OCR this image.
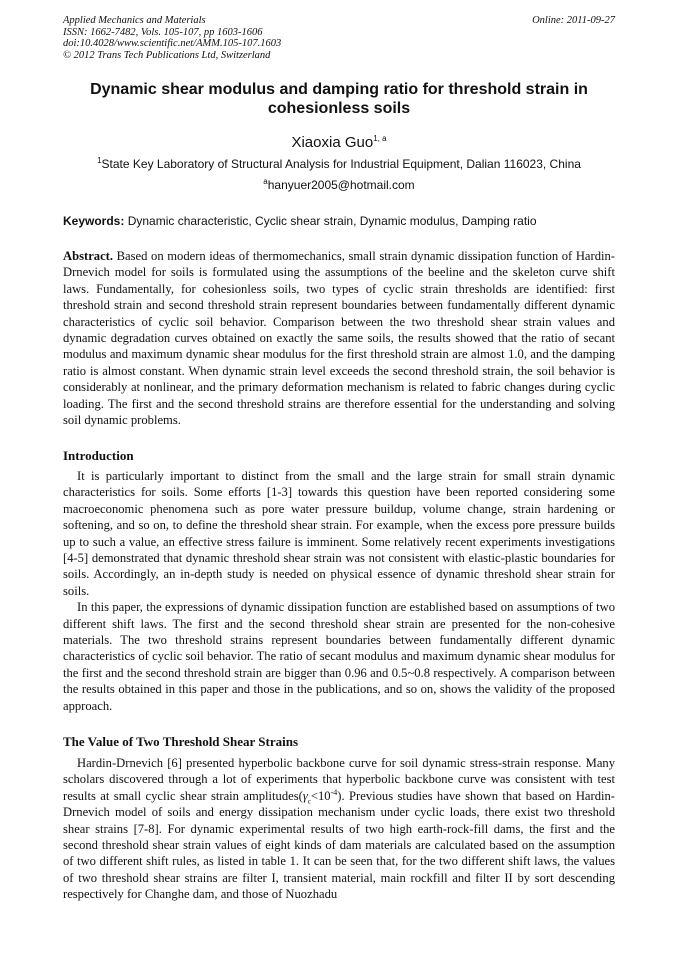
Applied Mechanics and Materials
ISSN: 1662-7482, Vols. 105-107, pp 1603-1606
doi:10.4028/www.scientific.net/AMM.105-107.1603
© 2012 Trans Tech Publications Ltd, Switzerland
Online: 2011-09-27
Dynamic shear modulus and damping ratio for threshold strain in cohesionless soils
Xiaoxia Guo$^{1, a}$
$^1$State Key Laboratory of Structural Analysis for Industrial Equipment, Dalian 116023, China
$^a$hanyuer2005@hotmail.com
Keywords: Dynamic characteristic, Cyclic shear strain, Dynamic modulus, Damping ratio

Abstract. Based on modern ideas of thermomechanics, small strain dynamic dissipation function of Hardin-Drnevich model for soils is formulated using the assumptions of the beeline and the skeleton curve shift laws. Fundamentally, for cohesionless soils, two types of cyclic strain thresholds are identified: first threshold strain and second threshold strain represent boundaries between fundamentally different dynamic characteristics of cyclic soil behavior. Comparison between the two threshold shear strain values and dynamic degradation curves obtained on exactly the same soils, the results showed that the ratio of secant modulus and maximum dynamic shear modulus for the first threshold strain are almost 1.0, and the damping ratio is almost constant. When dynamic strain level exceeds the second threshold strain, the soil behavior is considerably at nonlinear, and the primary deformation mechanism is related to fabric changes during cyclic loading. The first and the second threshold strains are therefore essential for the understanding and solving soil dynamic problems.

Introduction

It is particularly important to distinct from the small and the large strain for small strain dynamic characteristics for soils. Some efforts [1-3] towards this question have been reported considering some macroeconomic phenomena such as pore water pressure buildup, volume change, strain hardening or softening, and so on, to define the threshold shear strain. For example, when the excess pore pressure builds up to such a value, an effective stress failure is imminent. Some relatively recent experiments investigations [4-5] demonstrated that dynamic threshold shear strain was not consistent with elastic-plastic boundaries for soils. Accordingly, an in-depth study is needed on physical essence of dynamic threshold shear strain for soils.

In this paper, the expressions of dynamic dissipation function are established based on assumptions of two different shift laws. The first and the second threshold shear strain are presented for the non-cohesive materials. The two threshold strains represent boundaries between fundamentally different dynamic characteristics of cyclic soil behavior. The ratio of secant modulus and maximum dynamic shear modulus for the first and the second threshold strain are bigger than 0.96 and 0.5~0.8 respectively. A comparison between the results obtained in this paper and those in the publications, and so on, shows the validity of the proposed approach.

The Value of Two Threshold Shear Strains

Hardin-Drnevich [6] presented hyperbolic backbone curve for soil dynamic stress-strain response. Many scholars discovered through a lot of experiments that hyperbolic backbone curve was consistent with test results at small cyclic shear strain $amplitudes(\gamma_c<10^{-4})$. Previous studies have shown that based on Hardin-Drnevich model of soils and energy dissipation mechanism under cyclic loads, there exist two threshold shear strains [7-8]. For dynamic experimental results of two high earth-rock-fill dams, the first and the second threshold shear strain values of eight kinds of dam materials are calculated based on the assumption of two different shift rules, as listed in table 1. It can be seen that, for the two different shift laws, the values of two threshold shear strains are filter I, transient material, main rockfill and filter II by sort descending respectively for Changhe dam, and those of Nuozhadu
